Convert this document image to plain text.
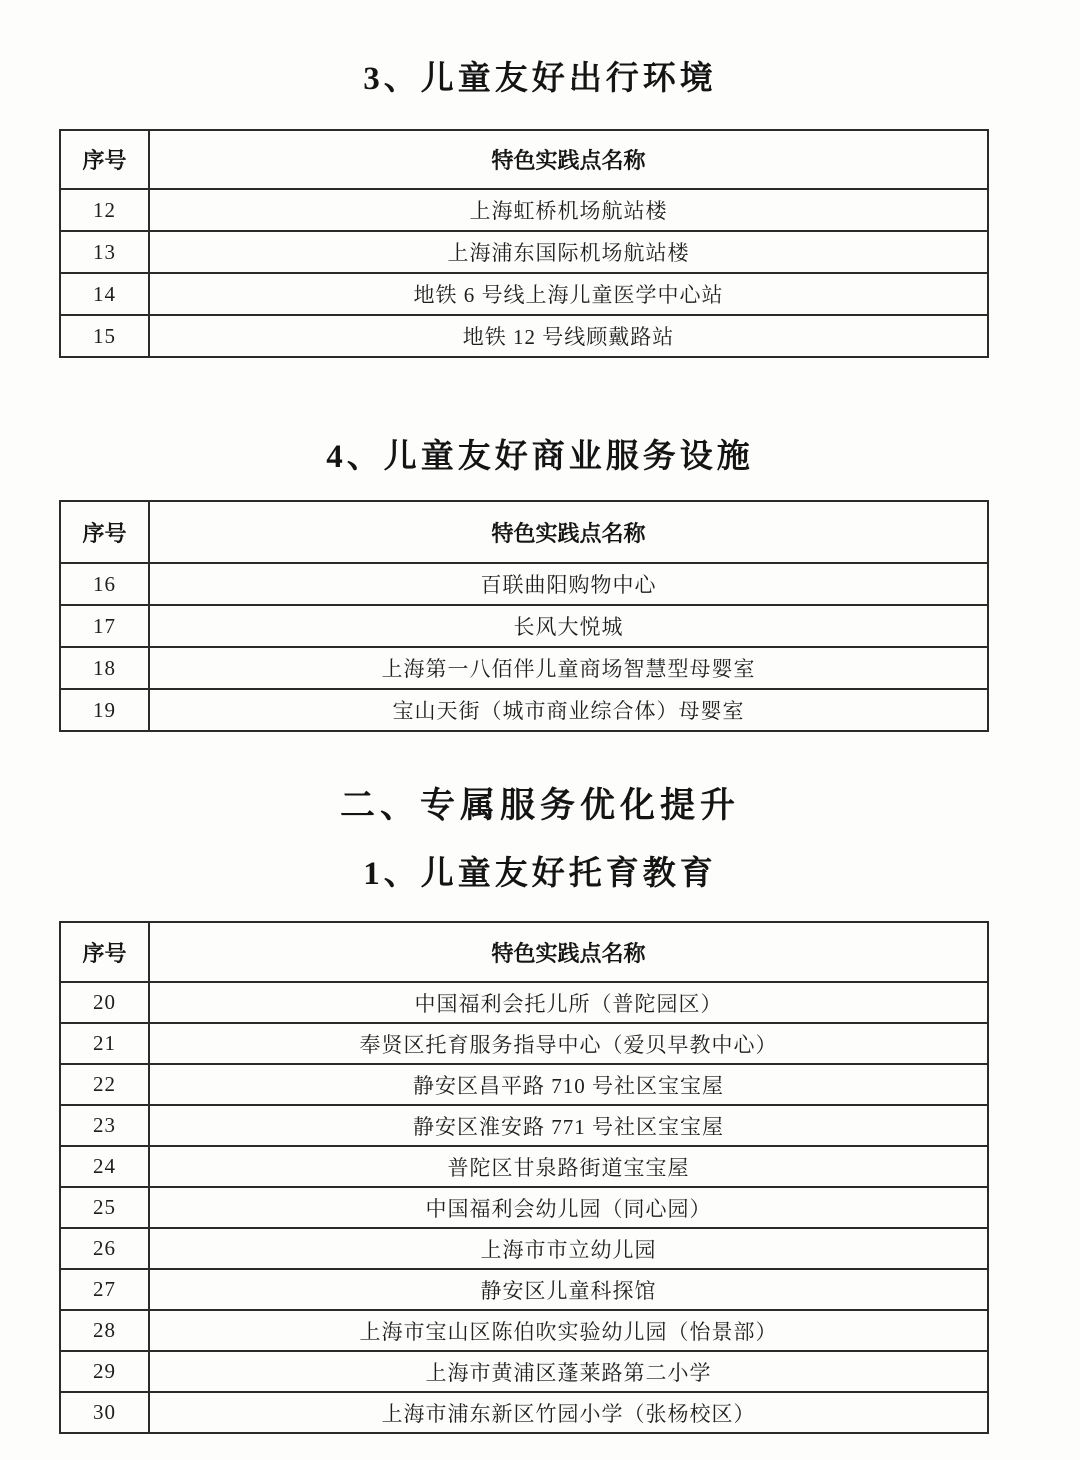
3、儿童友好出行环境
序号	特色实践点名称
12	上海虹桥机场航站楼
13	上海浦东国际机场航站楼
14	地铁 6 号线上海儿童医学中心站
15	地铁 12 号线顾戴路站
4、儿童友好商业服务设施
序号	特色实践点名称
16	百联曲阳购物中心
17	长风大悦城
18	上海第一八佰伴儿童商场智慧型母婴室
19	宝山天街（城市商业综合体）母婴室
二、专属服务优化提升
1、儿童友好托育教育
序号	特色实践点名称
20	中国福利会托儿所（普陀园区）
21	奉贤区托育服务指导中心（爱贝早教中心）
22	静安区昌平路 710 号社区宝宝屋
23	静安区淮安路 771 号社区宝宝屋
24	普陀区甘泉路街道宝宝屋
25	中国福利会幼儿园（同心园）
26	上海市市立幼儿园
27	静安区儿童科探馆
28	上海市宝山区陈伯吹实验幼儿园（怡景部）
29	上海市黄浦区蓬莱路第二小学
30	上海市浦东新区竹园小学（张杨校区）
